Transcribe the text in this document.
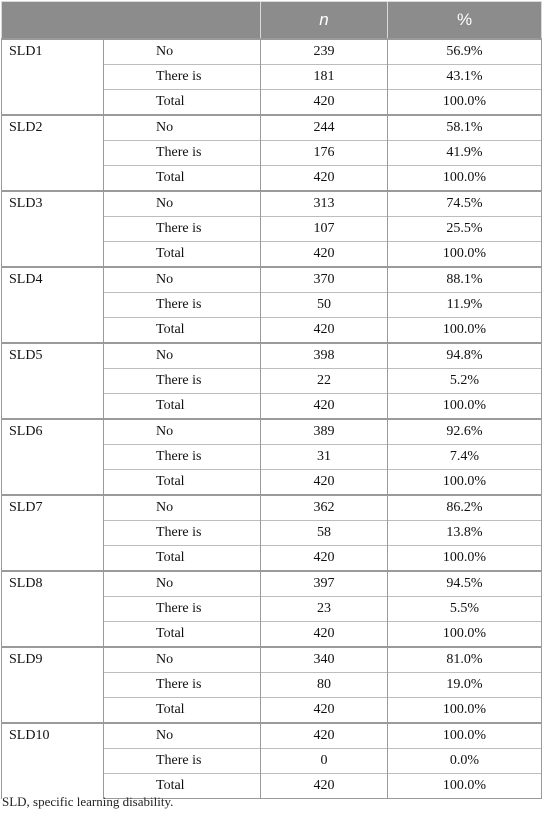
		n	%
SLD1	No	239	56.9%
	There is	181	43.1%
	Total	420	100.0%
SLD2	No	244	58.1%
	There is	176	41.9%
	Total	420	100.0%
SLD3	No	313	74.5%
	There is	107	25.5%
	Total	420	100.0%
SLD4	No	370	88.1%
	There is	50	11.9%
	Total	420	100.0%
SLD5	No	398	94.8%
	There is	22	5.2%
	Total	420	100.0%
SLD6	No	389	92.6%
	There is	31	7.4%
	Total	420	100.0%
SLD7	No	362	86.2%
	There is	58	13.8%
	Total	420	100.0%
SLD8	No	397	94.5%
	There is	23	5.5%
	Total	420	100.0%
SLD9	No	340	81.0%
	There is	80	19.0%
	Total	420	100.0%
SLD10	No	420	100.0%
	There is	0	0.0%
	Total	420	100.0%
SLD, specific learning disability.
